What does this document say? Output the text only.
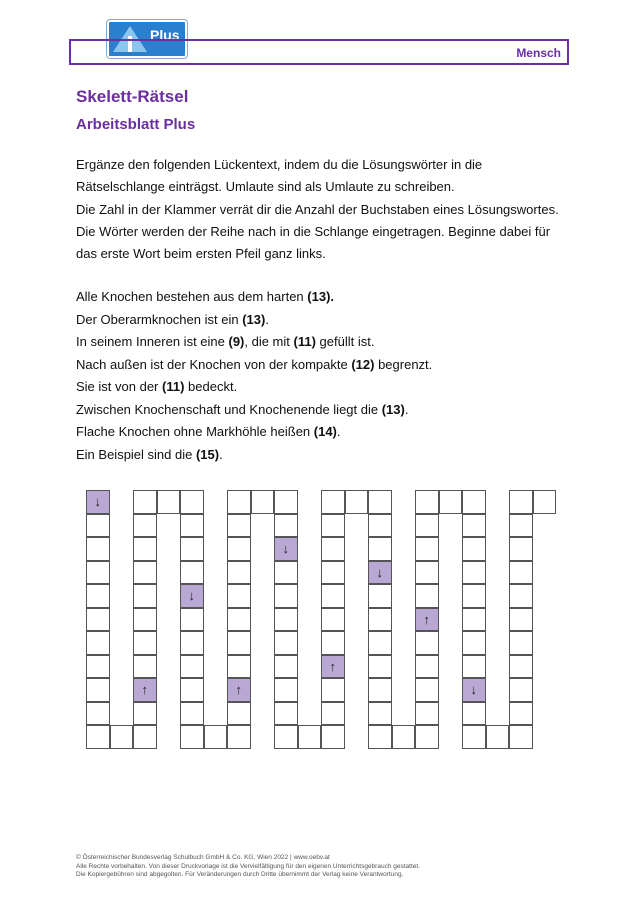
Plus
Mensch
Skelett-Rätsel
Arbeitsblatt Plus

Ergänze den folgenden Lückentext, indem du die Lösungswörter in die

Rätselschlange einträgst. Umlaute sind als Umlaute zu schreiben.

Die Zahl in der Klammer verrät dir die Anzahl der Buchstaben eines Lösungswortes.

Die Wörter werden der Reihe nach in die Schlange eingetragen. Beginne dabei für

das erste Wort beim ersten Pfeil ganz links.

Alle Knochen bestehen aus dem harten (13).

Der Oberarmknochen ist ein (13).

In seinem Inneren ist eine (9), die mit (11) gefüllt ist.

Nach außen ist der Knochen von der kompakte (12) begrenzt.

Sie ist von der (11) bedeckt.

Zwischen Knochenschaft und Knochenende liegt die (13).

Flache Knochen ohne Markhöhle heißen (14).

Ein Beispiel sind die (15).

↓
↑
↓
↑
↓
↑
↓
↑
↓

© Österreichischer Bundesverlag Schulbuch GmbH & Co. KG, Wien 2022 | www.oebv.at

Alle Rechte vorbehalten. Von dieser Druckvorlage ist die Vervielfältigung für den eigenen Unterrichtsgebrauch gestattet.

Die Kopiergebühren sind abgegolten. Für Veränderungen durch Dritte übernimmt der Verlag keine Verantwortung.
